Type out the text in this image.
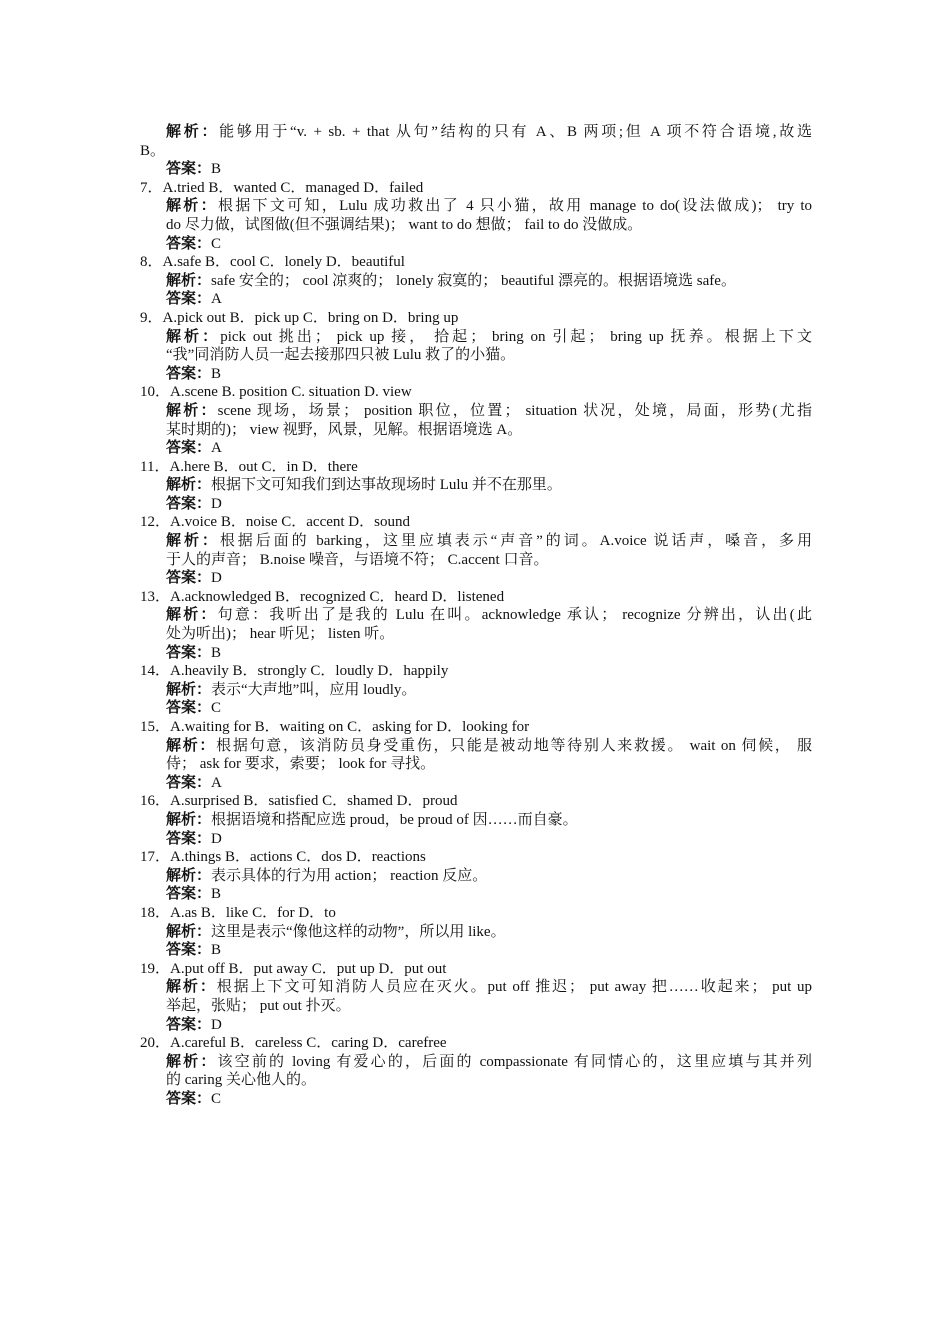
解析：能够用于“v. + sb. + that 从句”结构的只有 A、B 两项;但 A 项不符合语境,故选
B。
答案：B
7．A.tried B．wanted C．managed D．failed
解析：根据下文可知，Lulu 成功救出了 4 只小猫，故用 manage to do(设法做成)； try to
do 尽力做，试图做(但不强调结果)； want to do 想做； fail to do 没做成。
答案：C
8．A.safe B．cool C．lonely D．beautiful
解析：safe 安全的； cool 凉爽的； lonely 寂寞的； beautiful 漂亮的。根据语境选 safe。
答案：A
9．A.pick out B．pick up C．bring on D．bring up
解析：pick out 挑出； pick up 接， 拾起； bring on 引起； bring up 抚养。根据上下文
“我”同消防人员一起去接那四只被 Lulu 救了的小猫。
答案：B
10．A.scene B. position C. situation D. view
解析：scene 现场，场景； position 职位，位置； situation 状况，处境，局面，形势(尤指
某时期的)； view 视野，风景，见解。根据语境选 A。
答案：A
11．A.here B．out C．in D．there
解析：根据下文可知我们到达事故现场时 Lulu 并不在那里。
答案：D
12．A.voice B．noise C．accent D．sound
解析：根据后面的 barking，这里应填表示“声音”的词。A.voice 说话声，嗓音，多用
于人的声音； B.noise 噪音，与语境不符； C.accent 口音。
答案：D
13．A.acknowledged B．recognized C．heard D．listened
解析：句意：我听出了是我的 Lulu 在叫。acknowledge 承认； recognize 分辨出，认出(此
处为听出)； hear 听见； listen 听。
答案：B
14．A.heavily B．strongly C．loudly D．happily
解析：表示“大声地”叫，应用 loudly。
答案：C
15．A.waiting for B．waiting on C．asking for D．looking for
解析：根据句意，该消防员身受重伤，只能是被动地等待别人来救援。 wait on 伺候， 服
侍； ask for 要求，索要； look for 寻找。
答案：A
16．A.surprised B．satisfied C．shamed D．proud
解析：根据语境和搭配应选 proud，be proud of 因……而自豪。
答案：D
17．A.things B．actions C．dos D．reactions
解析：表示具体的行为用 action； reaction 反应。
答案：B
18．A.as B．like C．for D．to
解析：这里是表示“像他这样的动物”，所以用 like。
答案：B
19．A.put off B．put away C．put up D．put out
解析：根据上下文可知消防人员应在灭火。put off 推迟； put away 把……收起来； put up
举起，张贴； put out 扑灭。
答案：D
20．A.careful B．careless C．caring D．carefree
解析：该空前的 loving 有爱心的，后面的 compassionate 有同情心的，这里应填与其并列
的 caring 关心他人的。
答案：C
